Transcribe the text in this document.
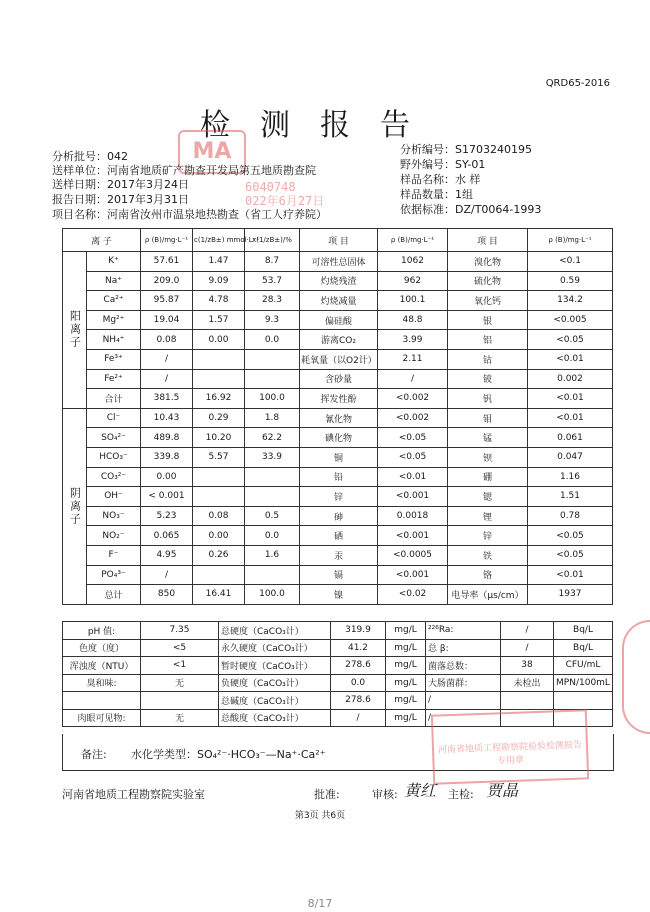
QRD65-2016
检测报告
MA
6040748
022年6月27日
分析批号：042
送样单位：河南省地质矿产勘查开发局第五地质勘查院
送样日期：2017年3月24日
报告日期：2017年3月31日
项目名称：河南省汝州市温泉地热勘查（省工人疗养院）
分析编号：S1703240195
野外编号：SY-01
样品名称：水 样
样品数量：1组
依据标准：DZ/T0064-1993
离 子		ρ (B)/mg·L⁻¹	c(1/zB±) mmol·L⁻¹	x(1/zB±)/%	项 目	ρ (B)/mg·L⁻¹	项 目	ρ (B)/mg·L⁻¹
阳离子	K⁺	57.61	1.47	8.7	可溶性总固体	1062	溴化物	<0.1
	Na⁺	209.0	9.09	53.7	灼烧残渣	962	硫化物	0.59
	Ca²⁺	95.87	4.78	28.3	灼烧减量	100.1	氧化钙	134.2
	Mg²⁺	19.04	1.57	9.3	偏硅酸	48.8	银	<0.005
	NH₄⁺	0.08	0.00	0.0	游离CO₂	3.99	铝	<0.05
	Fe³⁺	/			耗氧量（以O2计）	2.11	钴	<0.01
	Fe²⁺	/			含砂量	/	铍	0.002
	合计	381.5	16.92	100.0	挥发性酚	<0.002	钒	<0.01
阴离子	Cl⁻	10.43	0.29	1.8	氰化物	<0.002	钼	<0.01
	SO₄²⁻	489.8	10.20	62.2	碘化物	<0.05	锰	0.061
	HCO₃⁻	339.8	5.57	33.9	铜	<0.05	钡	0.047
	CO₃²⁻	0.00			铅	<0.01	硼	1.16
	OH⁻	< 0.001			锌	<0.001	锶	1.51
	NO₃⁻	5.23	0.08	0.5	砷	0.0018	锂	0.78
	NO₂⁻	0.065	0.00	0.0	硒	<0.001	锌	<0.05
	F⁻	4.95	0.26	1.6	汞	<0.0005	铁	<0.05
	PO₄³⁻	/			镉	<0.001	铬	<0.01
	总计	850	16.41	100.0	镍	<0.02	电导率（μs/cm）	1937
pH 值:	7.35	总硬度（CaCO₃计）	319.9	mg/L	²²⁶Ra:	/	Bq/L
色度（度）	<5	永久硬度（CaCO₃计）	41.2	mg/L	总 β:	/	Bq/L
浑浊度（NTU）	<1	暂时硬度（CaCO₃计）	278.6	mg/L	菌落总数：	38	CFU/mL
臭和味:	无	负硬度（CaCO₃计）	0.0	mg/L	大肠菌群：	未检出	MPN/100mL
		总碱度（CaCO₃计）	278.6	mg/L	/		
肉眼可见物:	无	总酸度（CaCO₃计）	/	mg/L	/		
备注: 水化学类型：SO₄²⁻·HCO₃⁻—Na⁺·Ca²⁺	河南省地质工程勘察院检验检测报告专用章
河南省地质工程勘察院实验室	批准:	审核: 黄红 主检: 贾晶
第3页 共6页
8/17
